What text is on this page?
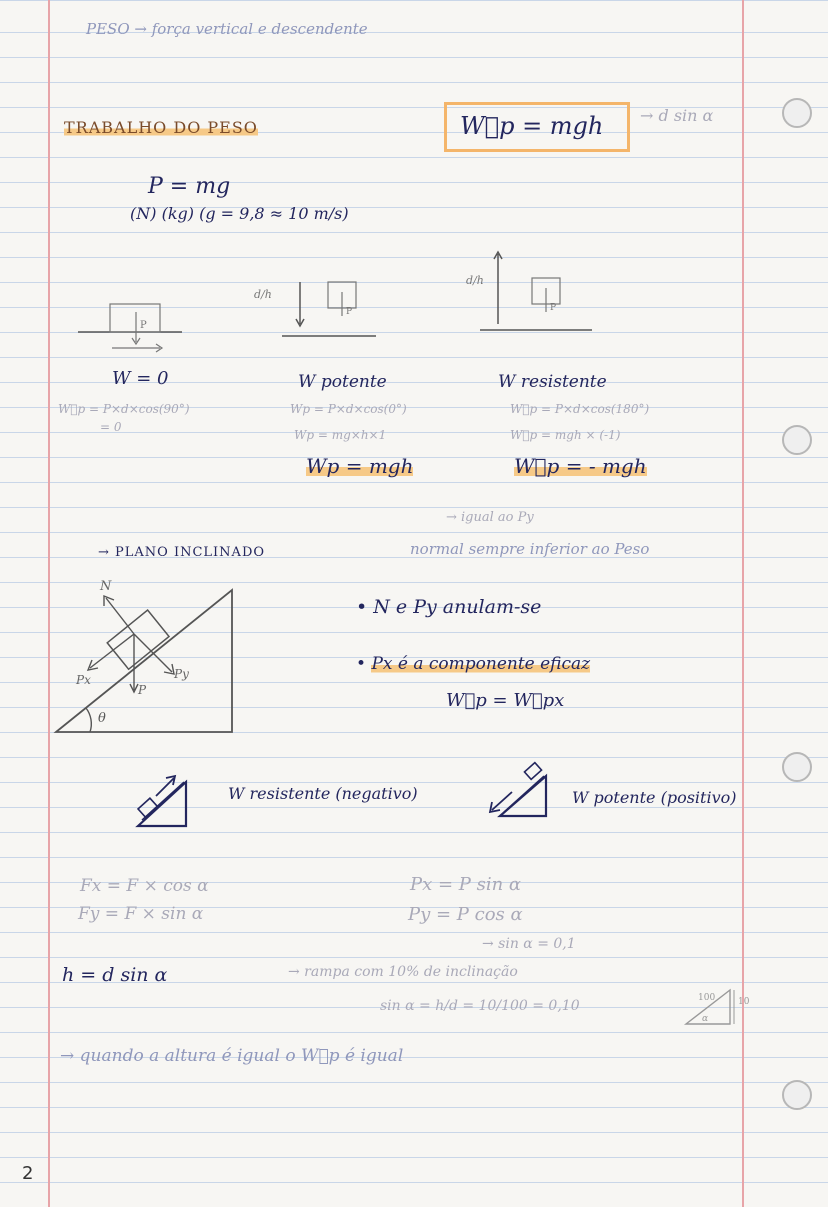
PESO → força vertical e descendente
TRABALHO DO PESO	W⃗p = mgh → d sin α
P = mg
(N) (kg) (g = 9,8 ≈ 10 m/s)
P
d/h
P
d/h
P
W = 0
W⃗p = P×d×cos(90°)
= 0
W potente
Wp = P×d×cos(0°)
Wp = mg×h×1
Wp = mgh
W resistente
W⃗p = P×d×cos(180°)
W⃗p = mgh × (-1)
W⃗p = - mgh
→ igual ao Py
normal sempre inferior ao Peso
→ PLANO INCLINADO
N
Px
P
Py
θ
• N e Py anulam-se
• Px é a componente eficaz
W⃗p = W⃗px
W resistente (negativo)	W potente (positivo)
Fx = F × cos α
Fy = F × sin α
Px = P sin α
Py = P cos α
→ sin α = 0,1
h = d sin α	→ rampa com 10% de inclinação
sin α = h/d = 10/100 = 0,10	100	10
α
→ quando a altura é igual o W⃗p é igual
2
